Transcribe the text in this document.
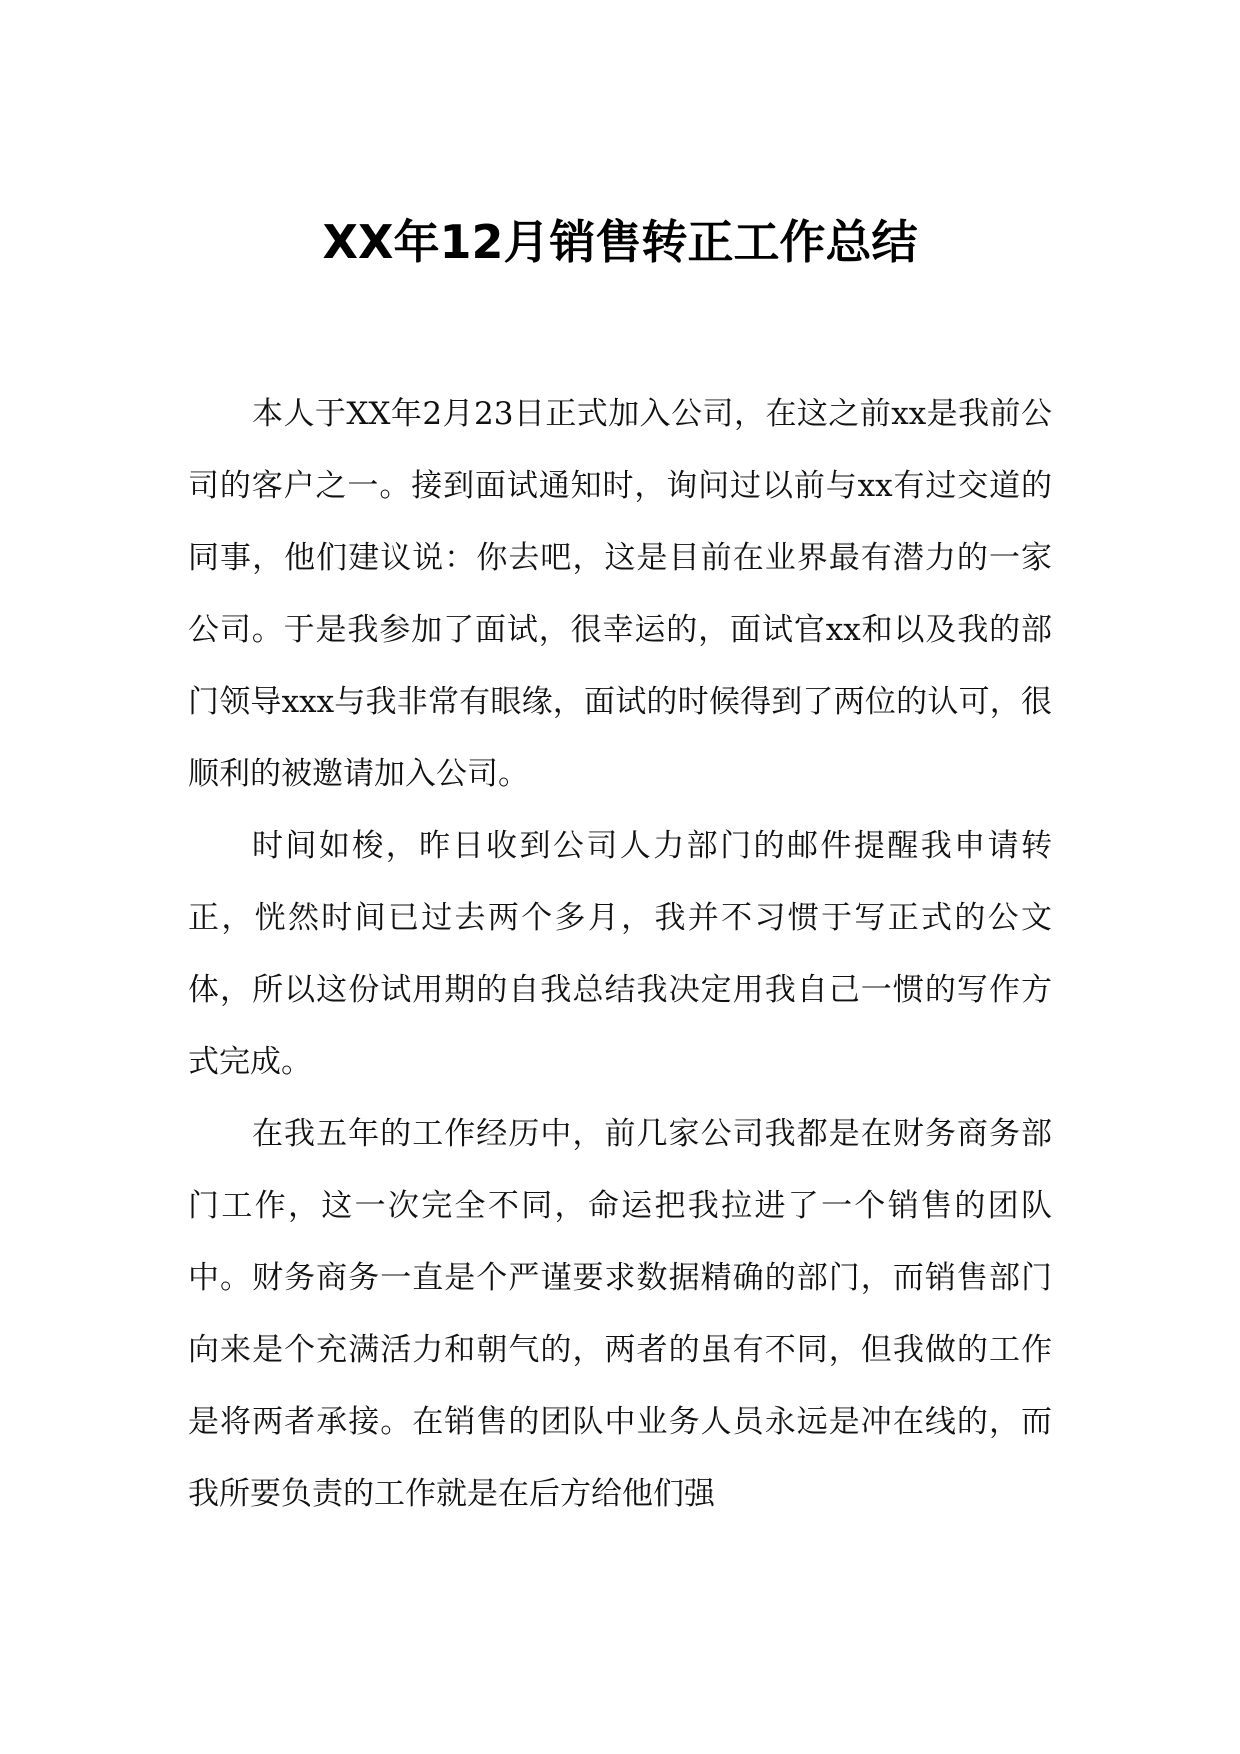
XX年12月销售转正工作总结

本人于XX年2月23日正式加入公司，在这之前xx是我前公司的客户之一。接到面试通知时，询问过以前与xx有过交道的同事，他们建议说：你去吧，这是目前在业界最有潜力的一家公司。于是我参加了面试，很幸运的，面试官xx和以及我的部门领导xxx与我非常有眼缘，面试的时候得到了两位的认可，很顺利的被邀请加入公司。

时间如梭，昨日收到公司人力部门的邮件提醒我申请转正，恍然时间已过去两个多月，我并不习惯于写正式的公文体，所以这份试用期的自我总结我决定用我自己一惯的写作方式完成。

在我五年的工作经历中，前几家公司我都是在财务商务部门工作，这一次完全不同，命运把我拉进了一个销售的团队中。财务商务一直是个严谨要求数据精确的部门，而销售部门向来是个充满活力和朝气的，两者的虽有不同，但我做的工作是将两者承接。在销售的团队中业务人员永远是冲在线的，而我所要负责的工作就是在后方给他们强
